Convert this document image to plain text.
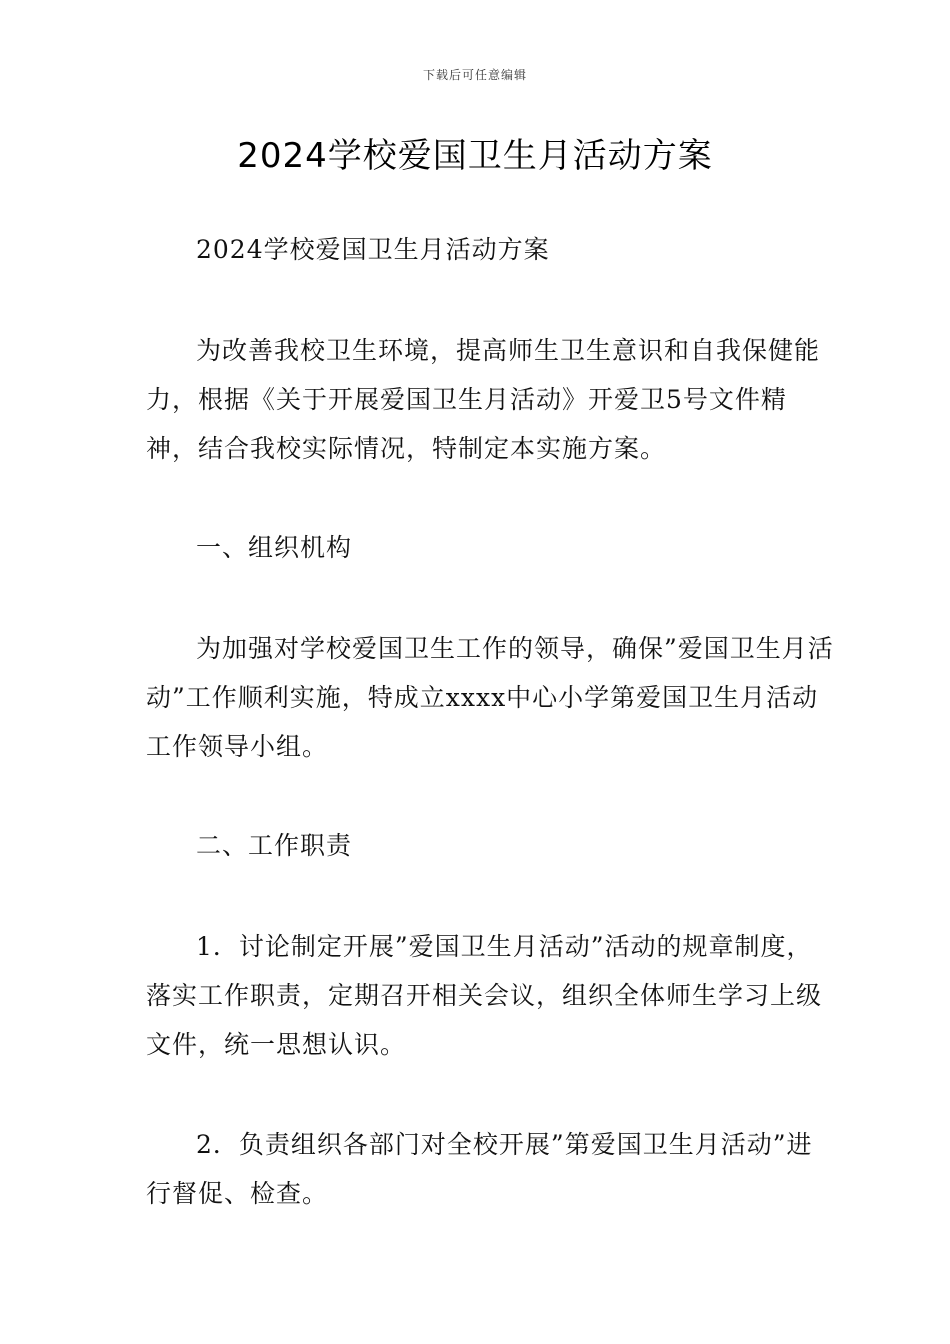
下载后可任意编辑
2024学校爱国卫生月活动方案

2024学校爱国卫生月活动方案

为改善我校卫生环境，提高师生卫生意识和自我保健能力，根据《关于开展爱国卫生月活动》开爱卫5号文件精神，结合我校实际情况，特制定本实施方案。

一、组织机构

为加强对学校爱国卫生工作的领导，确保”爱国卫生月活动”工作顺利实施，特成立xxxx中心小学第爱国卫生月活动工作领导小组。

二、工作职责

1．讨论制定开展”爱国卫生月活动”活动的规章制度，落实工作职责，定期召开相关会议，组织全体师生学习上级文件，统一思想认识。

2．负责组织各部门对全校开展”第爱国卫生月活动”进行督促、检查。
